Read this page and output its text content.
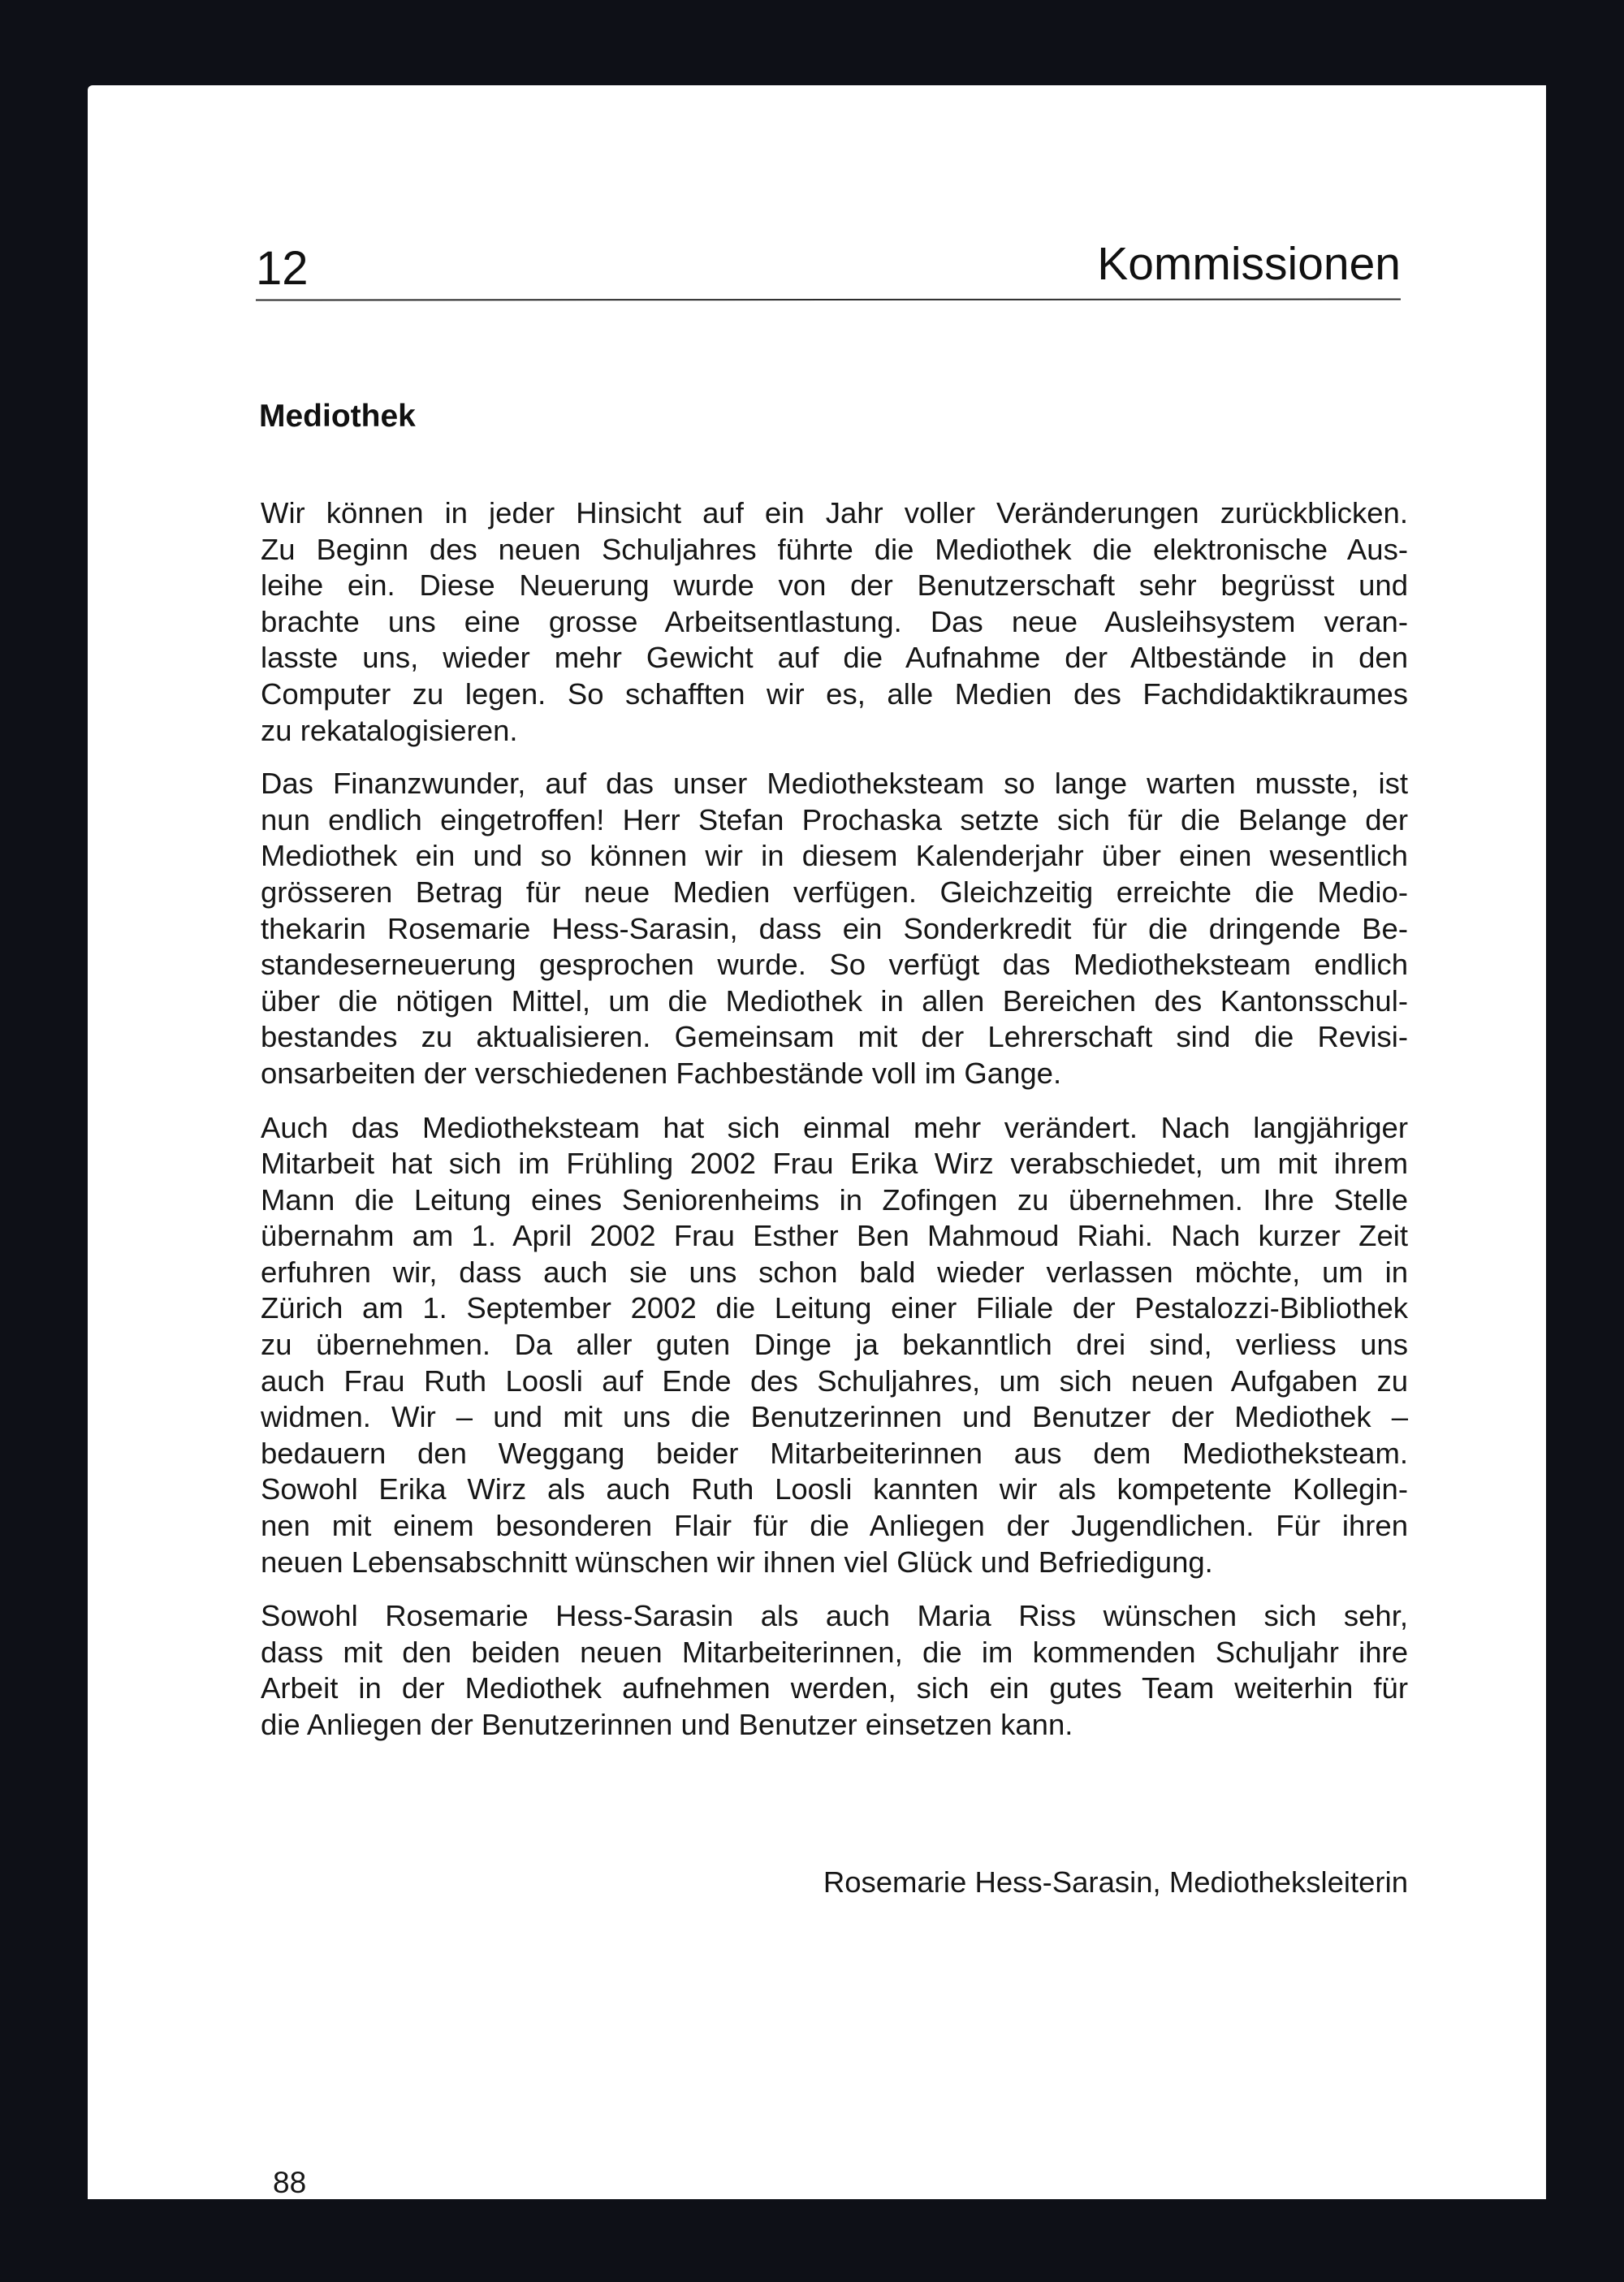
12	Kommissionen
Mediothek
Wir können in jeder Hinsicht auf ein Jahr voller Veränderungen zurückblicken.
Zu Beginn des neuen Schuljahres führte die Mediothek die elektronische Aus-
leihe ein. Diese Neuerung wurde von der Benutzerschaft sehr begrüsst und
brachte uns eine grosse Arbeitsentlastung. Das neue Ausleihsystem veran-
lasste uns, wieder mehr Gewicht auf die Aufnahme der Altbestände in den
Computer zu legen. So schafften wir es, alle Medien des Fachdidaktikraumes
zu rekatalogisieren.
Das Finanzwunder, auf das unser Mediotheksteam so lange warten musste, ist
nun endlich eingetroffen! Herr Stefan Prochaska setzte sich für die Belange der
Mediothek ein und so können wir in diesem Kalenderjahr über einen wesentlich
grösseren Betrag für neue Medien verfügen. Gleichzeitig erreichte die Medio-
thekarin Rosemarie Hess-Sarasin, dass ein Sonderkredit für die dringende Be-
standeserneuerung gesprochen wurde. So verfügt das Mediotheksteam endlich
über die nötigen Mittel, um die Mediothek in allen Bereichen des Kantonsschul-
bestandes zu aktualisieren. Gemeinsam mit der Lehrerschaft sind die Revisi-
onsarbeiten der verschiedenen Fachbestände voll im Gange.
Auch das Mediotheksteam hat sich einmal mehr verändert. Nach langjähriger
Mitarbeit hat sich im Frühling 2002 Frau Erika Wirz verabschiedet, um mit ihrem
Mann die Leitung eines Seniorenheims in Zofingen zu übernehmen. Ihre Stelle
übernahm am 1. April 2002 Frau Esther Ben Mahmoud Riahi. Nach kurzer Zeit
erfuhren wir, dass auch sie uns schon bald wieder verlassen möchte, um in
Zürich am 1. September 2002 die Leitung einer Filiale der Pestalozzi-Bibliothek
zu übernehmen. Da aller guten Dinge ja bekanntlich drei sind, verliess uns
auch Frau Ruth Loosli auf Ende des Schuljahres, um sich neuen Aufgaben zu
widmen. Wir – und mit uns die Benutzerinnen und Benutzer der Mediothek –
bedauern den Weggang beider Mitarbeiterinnen aus dem Mediotheksteam.
Sowohl Erika Wirz als auch Ruth Loosli kannten wir als kompetente Kollegin-
nen mit einem besonderen Flair für die Anliegen der Jugendlichen. Für ihren
neuen Lebensabschnitt wünschen wir ihnen viel Glück und Befriedigung.
Sowohl Rosemarie Hess-Sarasin als auch Maria Riss wünschen sich sehr,
dass mit den beiden neuen Mitarbeiterinnen, die im kommenden Schuljahr ihre
Arbeit in der Mediothek aufnehmen werden, sich ein gutes Team weiterhin für
die Anliegen der Benutzerinnen und Benutzer einsetzen kann.
Rosemarie Hess-Sarasin, Mediotheksleiterin
88
